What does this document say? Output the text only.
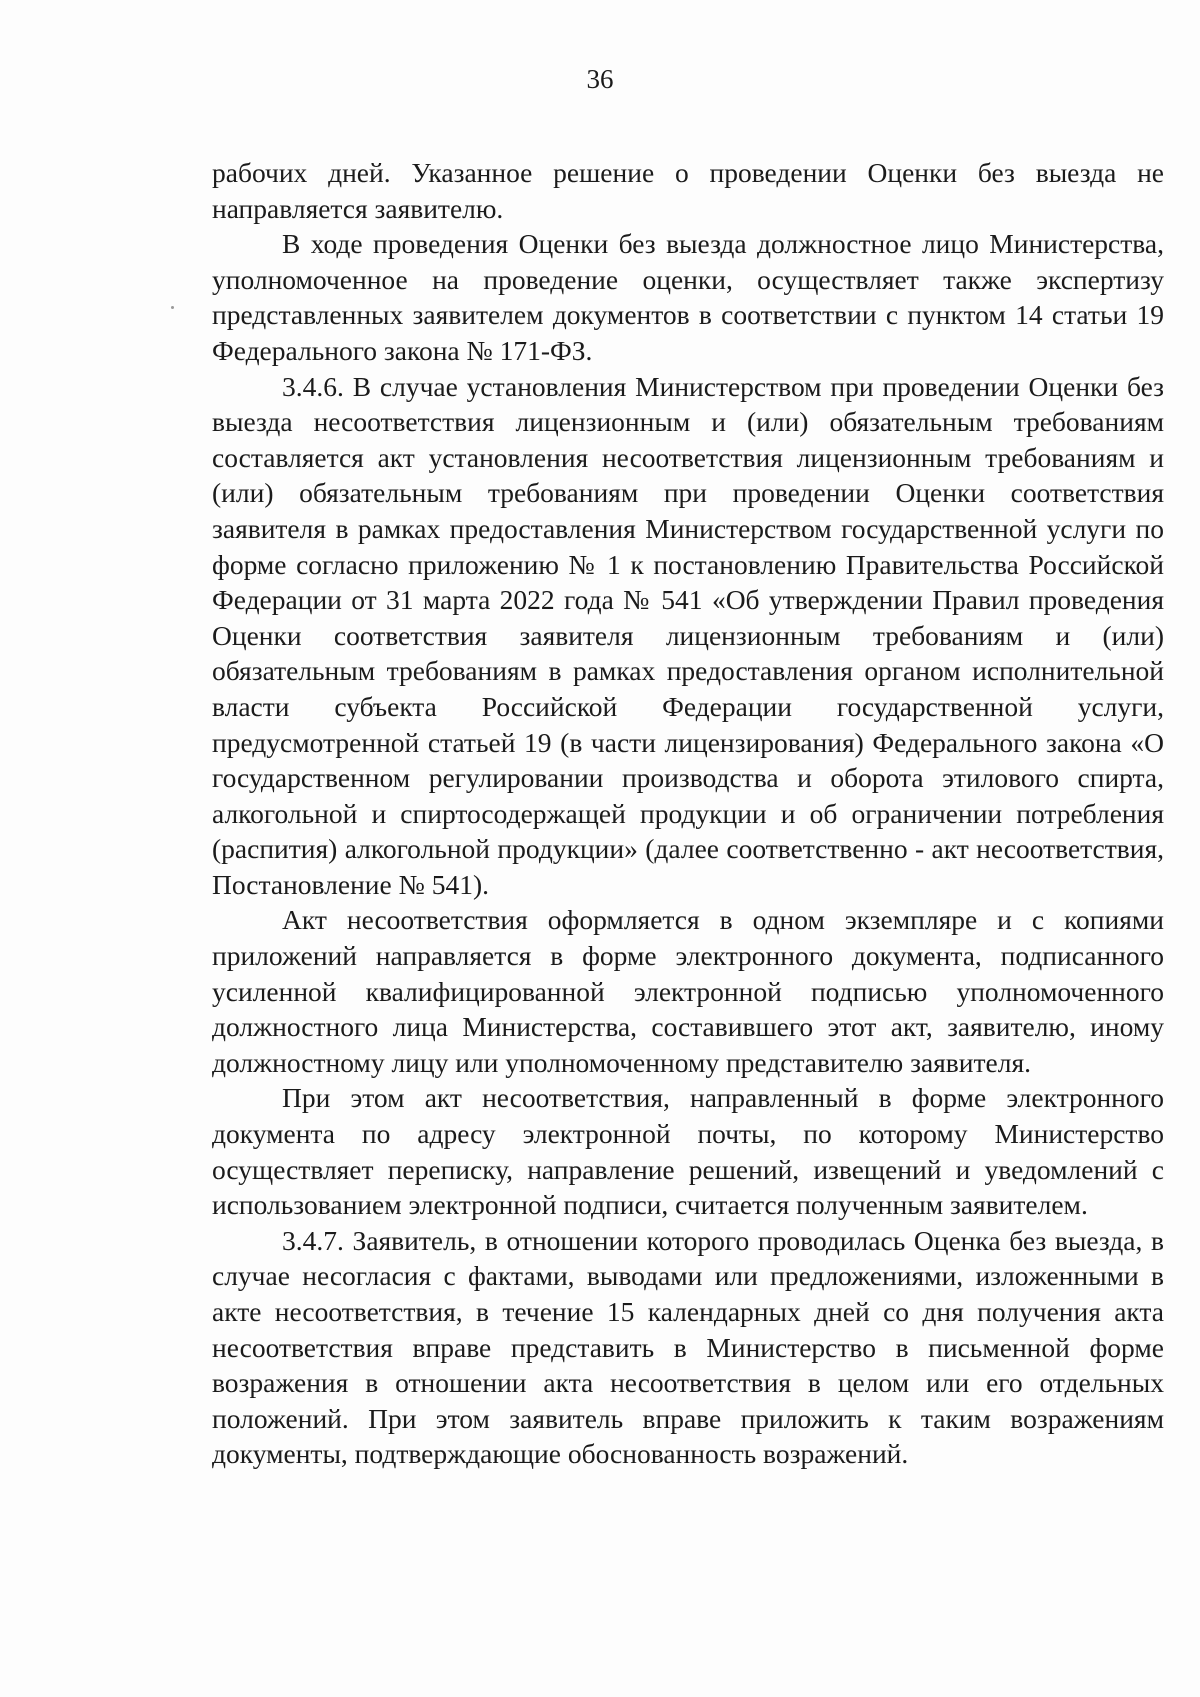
36

рабочих дней. Указанное решение о проведении Оценки без выезда не направляется заявителю.

В ходе проведения Оценки без выезда должностное лицо Министерства, уполномоченное на проведение оценки, осуществляет также экспертизу представленных заявителем документов в соответствии с пунктом 14 статьи 19 Федерального закона № 171-ФЗ.

3.4.6. В случае установления Министерством при проведении Оценки без выезда несоответствия лицензионным и (или) обязательным требованиям составляется акт установления несоответствия лицензионным требованиям и (или) обязательным требованиям при проведении Оценки соответствия заявителя в рамках предоставления Министерством государственной услуги по форме согласно приложению № 1 к постановлению Правительства Российской Федерации от 31 марта 2022 года № 541 «Об утверждении Правил проведения Оценки соответствия заявителя лицензионным требованиям и (или) обязательным требованиям в рамках предоставления органом исполнительной власти субъекта Российской Федерации государственной услуги, предусмотренной статьей 19 (в части лицензирования) Федерального закона «О государственном регулировании производства и оборота этилового спирта, алкогольной и спиртосодержащей продукции и об ограничении потребления (распития) алкогольной продукции» (далее соответственно - акт несоответствия, Постановление № 541).

Акт несоответствия оформляется в одном экземпляре и с копиями приложений направляется в форме электронного документа, подписанного усиленной квалифицированной электронной подписью уполномоченного должностного лица Министерства, составившего этот акт, заявителю, иному должностному лицу или уполномоченному представителю заявителя.

При этом акт несоответствия, направленный в форме электронного документа по адресу электронной почты, по которому Министерство осуществляет переписку, направление решений, извещений и уведомлений с использованием электронной подписи, считается полученным заявителем.

3.4.7. Заявитель, в отношении которого проводилась Оценка без выезда, в случае несогласия с фактами, выводами или предложениями, изложенными в акте несоответствия, в течение 15 календарных дней со дня получения акта несоответствия вправе представить в Министерство в письменной форме возражения в отношении акта несоответствия в целом или его отдельных положений. При этом заявитель вправе приложить к таким возражениям документы, подтверждающие обоснованность возражений.
